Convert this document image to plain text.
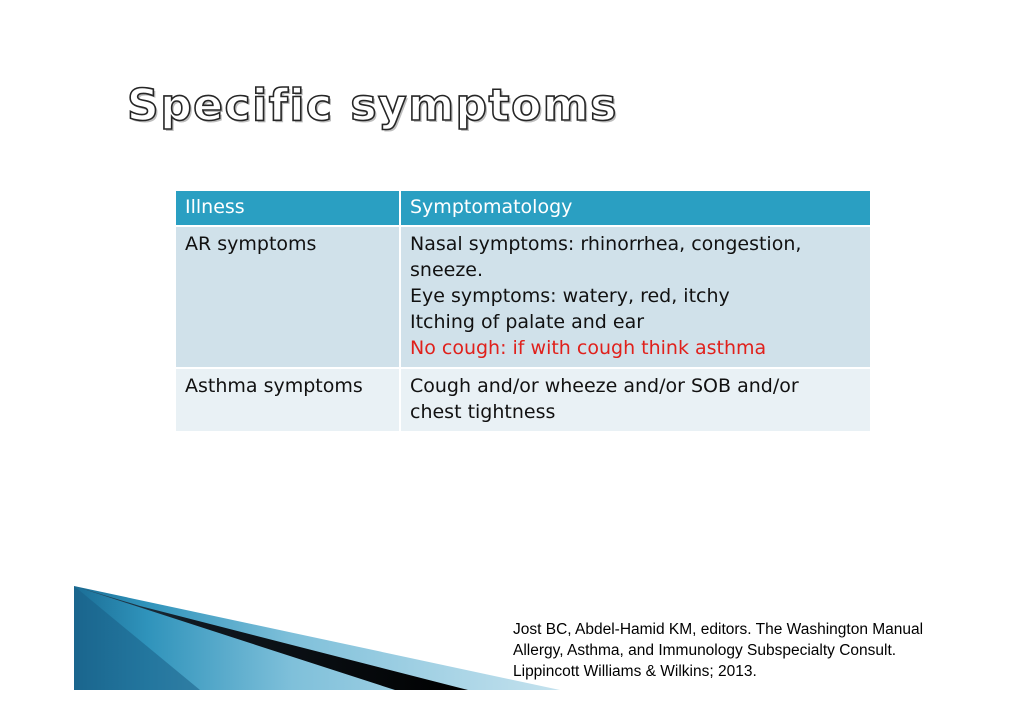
Specific symptoms
Illness	Symptomatology
AR symptoms	Nasal symptoms: rhinorrhea, congestion,
sneeze.
Eye symptoms: watery, red, itchy
Itching of palate and ear
No cough: if with cough think asthma

Asthma symptoms	Cough and/or wheeze and/or SOB and/or
chest tightness
Jost BC, Abdel-Hamid KM, editors. The Washington Manual Allergy, Asthma, and Immunology Subspecialty Consult. Lippincott Williams & Wilkins; 2013.
